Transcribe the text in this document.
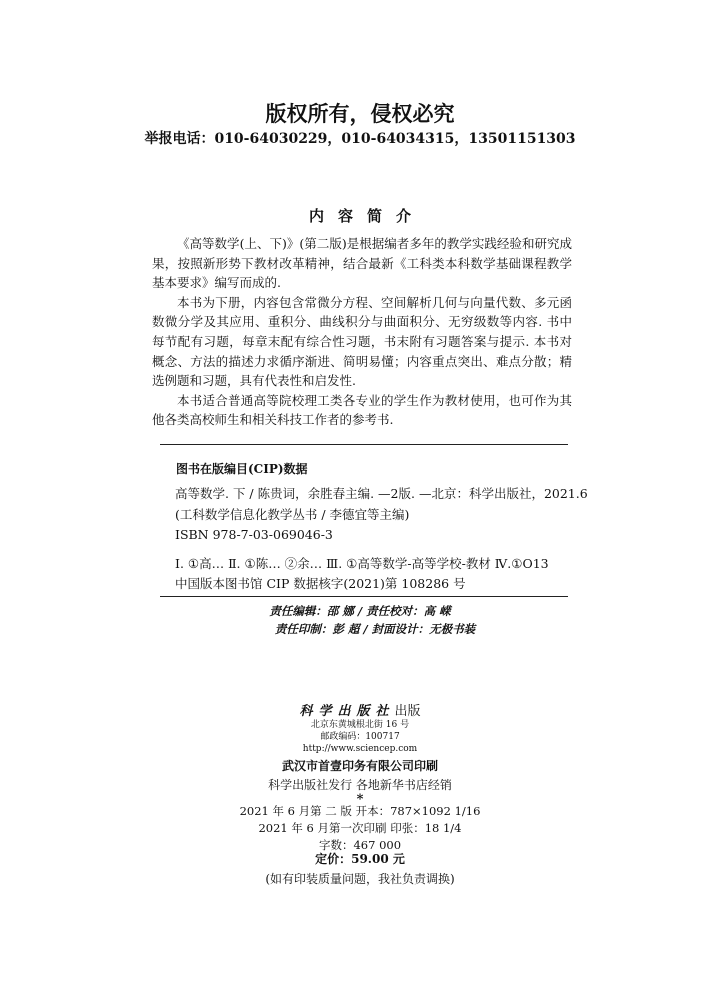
版权所有，侵权必究
举报电话：010-64030229，010-64034315，13501151303
内容简介

《高等数学(上、下)》(第二版)是根据编者多年的教学实践经验和研究成果，按照新形势下教材改革精神，结合最新《工科类本科数学基础课程教学基本要求》编写而成的.

本书为下册，内容包含常微分方程、空间解析几何与向量代数、多元函数微分学及其应用、重积分、曲线积分与曲面积分、无穷级数等内容. 书中每节配有习题，每章末配有综合性习题，书末附有习题答案与提示. 本书对概念、方法的描述力求循序渐进、简明易懂；内容重点突出、难点分散；精选例题和习题，具有代表性和启发性.

本书适合普通高等院校理工类各专业的学生作为教材使用，也可作为其他各类高校师生和相关科技工作者的参考书.

图书在版编目(CIP)数据
高等数学. 下 / 陈贵词，余胜春主编. —2版. —北京：科学出版社，2021.6
(工科数学信息化教学丛书 / 李德宜等主编)
ISBN 978-7-03-069046-3
Ⅰ. ①高… Ⅱ. ①陈… ②余… Ⅲ. ①高等数学-高等学校-教材 Ⅳ.①O13
中国版本图书馆 CIP 数据核字(2021)第 108286 号
责任编辑：邵 娜 / 责任校对：高 嵘
责任印制：彭 超 / 封面设计：无极书装
科学出版社出版
北京东黄城根北街 16 号
邮政编码：100717
http://www.sciencep.com
武汉市首壹印务有限公司印刷
科学出版社发行 各地新华书店经销
*
2021 年 6 月第 二 版 开本：787×1092 1/16
2021 年 6 月第一次印刷 印张：18 1/4
字数：467 000
定价：59.00 元
(如有印装质量问题，我社负责调换)
